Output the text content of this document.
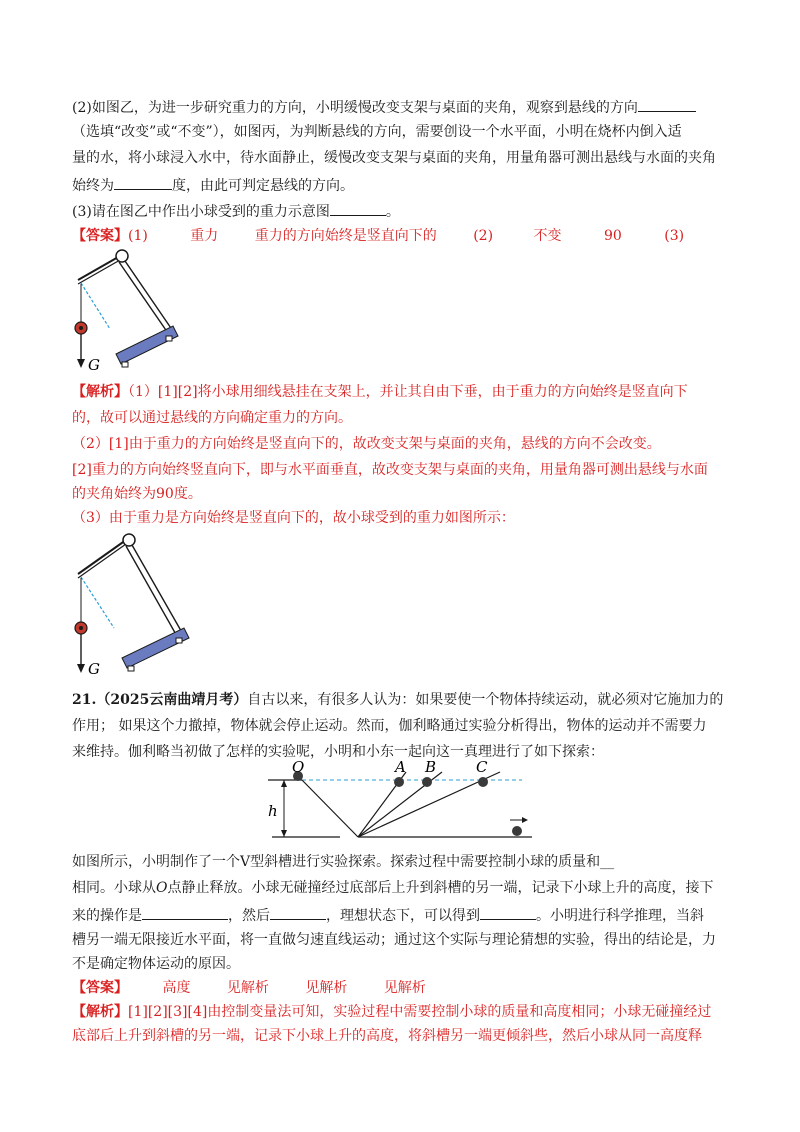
(2)如图乙，为进一步研究重力的方向，小明缓慢改变支架与桌面的夹角，观察到悬线的方向
（选填“改变”或“不变”），如图丙，为判断悬线的方向，需要创设一个水平面，小明在烧杯内倒入适
量的水，将小球浸入水中，待水面静止，缓慢改变支架与桌面的夹角，用量角器可测出悬线与水面的夹角
始终为	度，由此可判定悬线的方向。
(3)请在图乙中作出小球受到的重力示意图	。
【答案】(1)	重力	重力的方向始终是竖直向下的	(2)	不变	90	(3)
G
【解析】（1）[1][2]将小球用细线悬挂在支架上，并让其自由下垂，由于重力的方向始终是竖直向下
的，故可以通过悬线的方向确定重力的方向。
（2）[1]由于重力的方向始终是竖直向下的，故改变支架与桌面的夹角，悬线的方向不会改变。
[2]重力的方向始终竖直向下，即与水平面垂直，故改变支架与桌面的夹角，用量角器可测出悬线与水面
的夹角始终为90度。
（3）由于重力是方向始终是竖直向下的，故小球受到的重力如图所示：
G
21.（2025云南曲靖月考）自古以来，有很多人认为：如果要使一个物体持续运动，就必须对它施加力的
作用； 如果这个力撤掉，物体就会停止运动。然而，伽利略通过实验分析得出，物体的运动并不需要力
来维持。伽利略当初做了怎样的实验呢，小明和小东一起向这一真理进行了如下探索：
h
O	A B	C
如图所示，小明制作了一个V型斜槽进行实验探索。探索过程中需要控制小球的质量和__
相同。小球从O点静止释放。小球无碰撞经过底部后上升到斜槽的另一端，记录下小球上升的高度，接下
来的操作是	，然后	，理想状态下，可以得到	。小明进行科学推理，当斜
槽另一端无限接近水平面，将一直做匀速直线运动；通过这个实际与理论猜想的实验，得出的结论是，力
不是确定物体运动的原因。
【答案】 高度	见解析	见解析	见解析
【解析】[1][2][3][4]由控制变量法可知，实验过程中需要控制小球的质量和高度相同；小球无碰撞经过
底部后上升到斜槽的另一端，记录下小球上升的高度，将斜槽另一端更倾斜些，然后小球从同一高度释
